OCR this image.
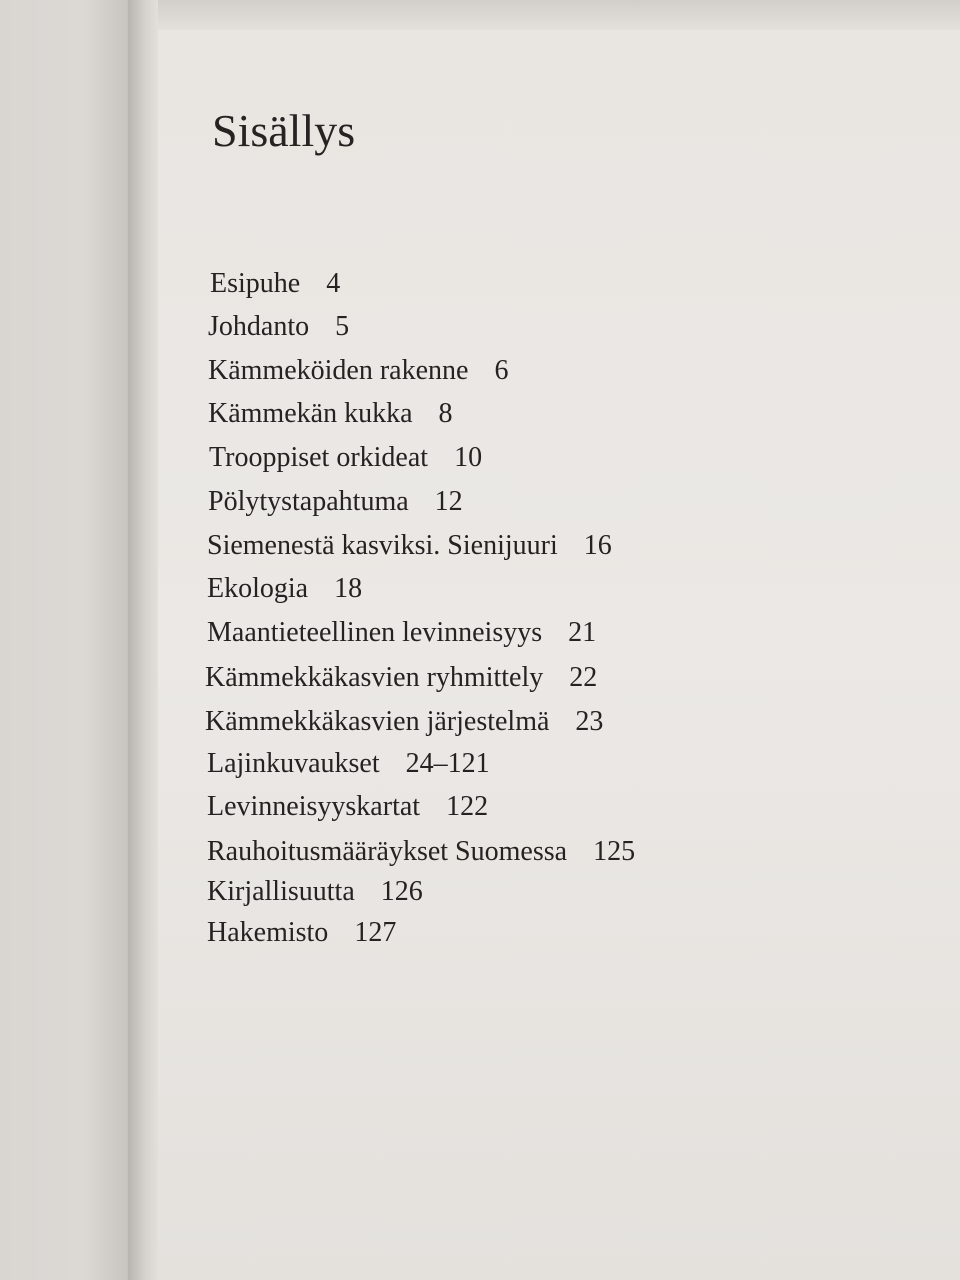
Sisällys
Esipuhe 4
Johdanto 5
Kämmeköiden rakenne 6
Kämmekän kukka 8
Trooppiset orkideat 10
Pölytystapahtuma 12
Siemenestä kasviksi. Sienijuuri 16
Ekologia 18
Maantieteellinen levinneisyys 21
Kämmekkäkasvien ryhmittely 22
Kämmekkäkasvien järjestelmä 23
Lajinkuvaukset 24–121
Levinneisyyskartat 122
Rauhoitusmääräykset Suomessa 125
Kirjallisuutta 126
Hakemisto 127
